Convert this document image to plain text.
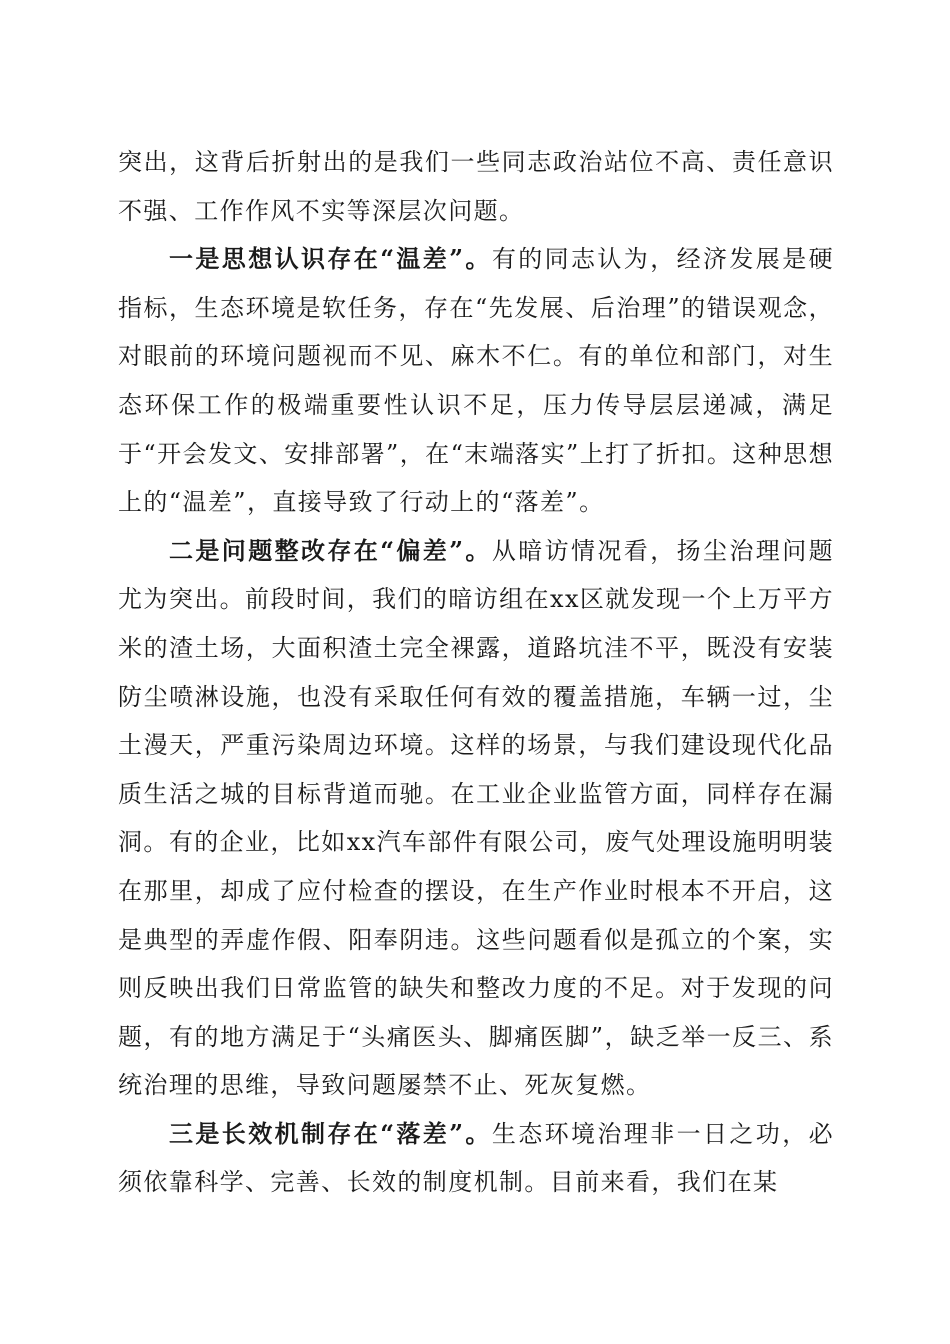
突出，这背后折射出的是我们一些同志政治站位不高、责任意识不强、工作作风不实等深层次问题。

一是思想认识存在“温差”。有的同志认为，经济发展是硬指标，生态环境是软任务，存在“先发展、后治理”的错误观念，对眼前的环境问题视而不见、麻木不仁。有的单位和部门，对生态环保工作的极端重要性认识不足，压力传导层层递减，满足于“开会发文、安排部署”，在“末端落实”上打了折扣。这种思想上的“温差”，直接导致了行动上的“落差”。

二是问题整改存在“偏差”。从暗访情况看，扬尘治理问题尤为突出。前段时间，我们的暗访组在xx区就发现一个上万平方米的渣土场，大面积渣土完全裸露，道路坑洼不平，既没有安装防尘喷淋设施，也没有采取任何有效的覆盖措施，车辆一过，尘土漫天，严重污染周边环境。这样的场景，与我们建设现代化品质生活之城的目标背道而驰。在工业企业监管方面，同样存在漏洞。有的企业，比如xx汽车部件有限公司，废气处理设施明明装在那里，却成了应付检查的摆设，在生产作业时根本不开启，这是典型的弄虚作假、阳奉阴违。这些问题看似是孤立的个案，实则反映出我们日常监管的缺失和整改力度的不足。对于发现的问题，有的地方满足于“头痛医头、脚痛医脚”，缺乏举一反三、系统治理的思维，导致问题屡禁不止、死灰复燃。

三是长效机制存在“落差”。生态环境治理非一日之功，必须依靠科学、完善、长效的制度机制。目前来看，我们在某
